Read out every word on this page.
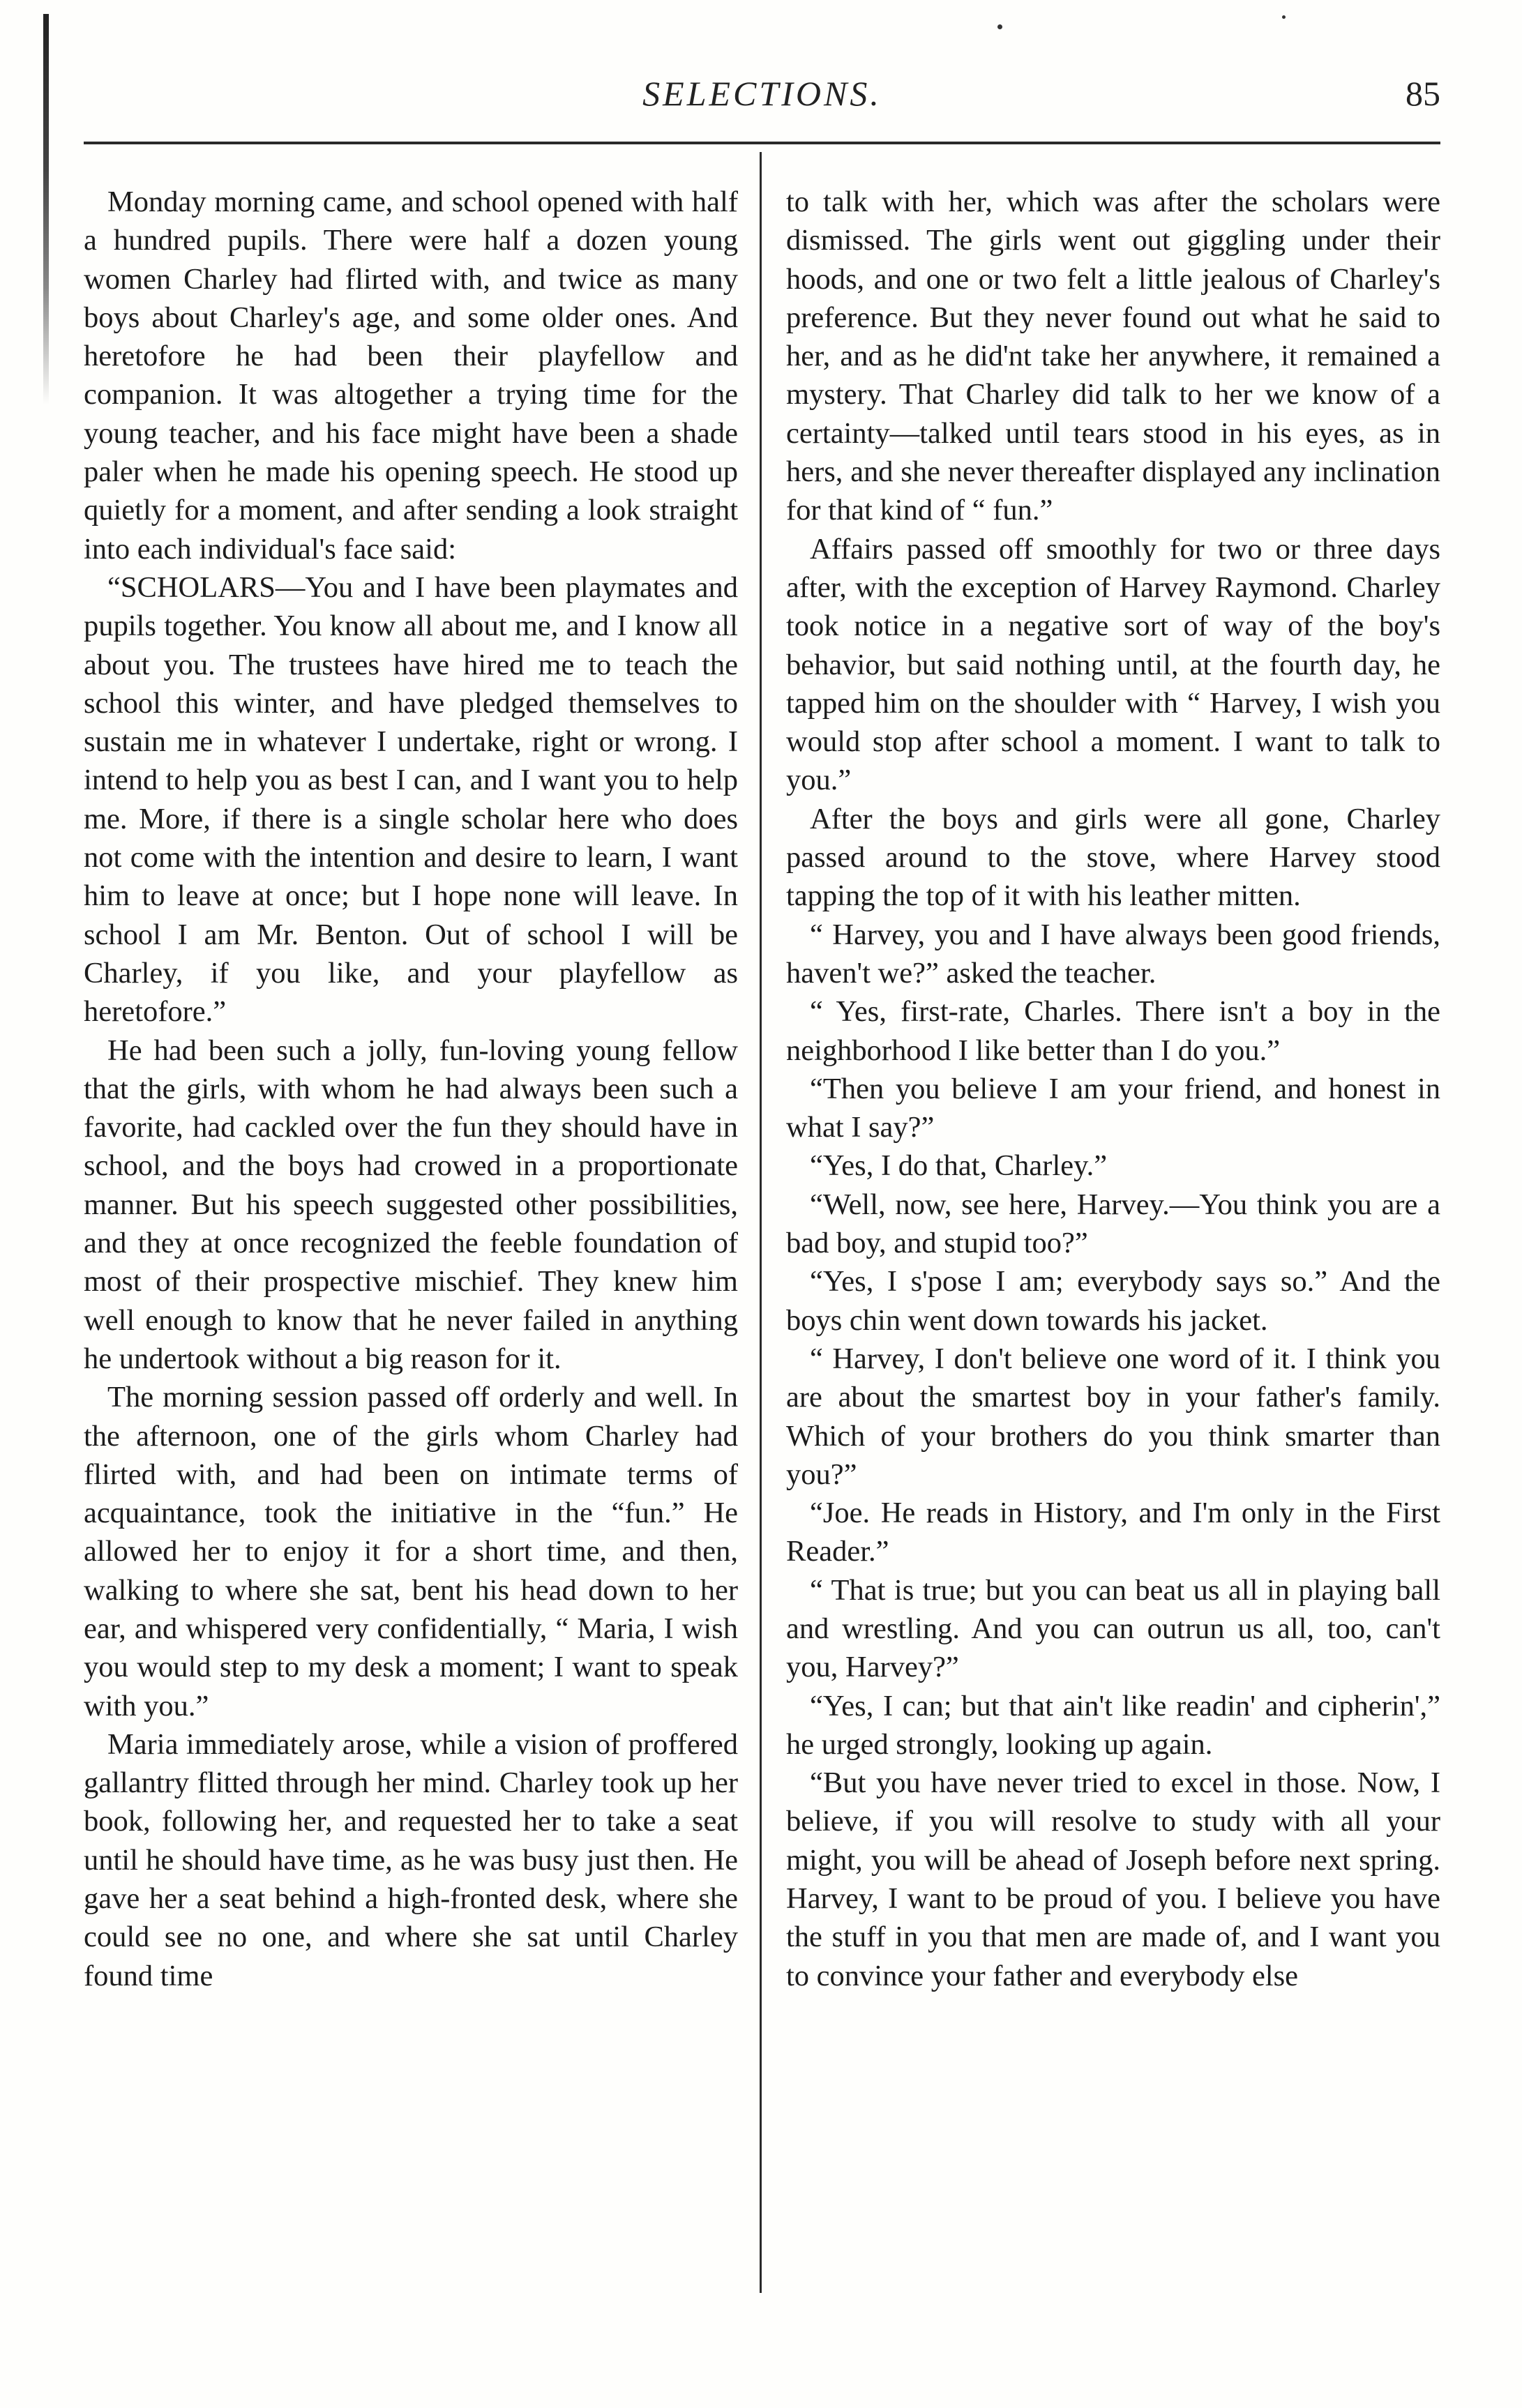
SELECTIONS.	85

Monday morning came, and school opened with half a hundred pupils. There were half a dozen young women Charley had flirted with, and twice as many boys about Charley's age, and some older ones. And heretofore he had been their playfellow and companion. It was altogether a trying time for the young teacher, and his face might have been a shade paler when he made his opening speech. He stood up quietly for a moment, and after sending a look straight into each individual's face said:

“SCHOLARS—You and I have been playmates and pupils together. You know all about me, and I know all about you. The trustees have hired me to teach the school this winter, and have pledged themselves to sustain me in whatever I undertake, right or wrong. I intend to help you as best I can, and I want you to help me. More, if there is a single scholar here who does not come with the intention and desire to learn, I want him to leave at once; but I hope none will leave. In school I am Mr. Benton. Out of school I will be Charley, if you like, and your playfellow as heretofore.”

He had been such a jolly, fun-loving young fellow that the girls, with whom he had always been such a favorite, had cackled over the fun they should have in school, and the boys had crowed in a proportionate manner. But his speech suggested other possibilities, and they at once recognized the feeble foundation of most of their prospective mischief. They knew him well enough to know that he never failed in anything he undertook without a big reason for it.

The morning session passed off orderly and well. In the afternoon, one of the girls whom Charley had flirted with, and had been on intimate terms of acquaintance, took the initiative in the “fun.” He allowed her to enjoy it for a short time, and then, walking to where she sat, bent his head down to her ear, and whispered very confidentially, “ Maria, I wish you would step to my desk a moment; I want to speak with you.”

Maria immediately arose, while a vision of proffered gallantry flitted through her mind. Charley took up her book, following her, and requested her to take a seat until he should have time, as he was busy just then. He gave her a seat behind a high-fronted desk, where she could see no one, and where she sat until Charley found time

to talk with her, which was after the scholars were dismissed. The girls went out giggling under their hoods, and one or two felt a little jealous of Charley's preference. But they never found out what he said to her, and as he did'nt take her anywhere, it remained a mystery. That Charley did talk to her we know of a certainty—talked until tears stood in his eyes, as in hers, and she never thereafter displayed any inclination for that kind of “ fun.”

Affairs passed off smoothly for two or three days after, with the exception of Harvey Raymond. Charley took notice in a negative sort of way of the boy's behavior, but said nothing until, at the fourth day, he tapped him on the shoulder with “ Harvey, I wish you would stop after school a moment. I want to talk to you.”

After the boys and girls were all gone, Charley passed around to the stove, where Harvey stood tapping the top of it with his leather mitten.

“ Harvey, you and I have always been good friends, haven't we?” asked the teacher.

“ Yes, first-rate, Charles. There isn't a boy in the neighborhood I like better than I do you.”

“Then you believe I am your friend, and honest in what I say?”

“Yes, I do that, Charley.”

“Well, now, see here, Harvey.—You think you are a bad boy, and stupid too?”

“Yes, I s'pose I am; everybody says so.” And the boys chin went down towards his jacket.

“ Harvey, I don't believe one word of it. I think you are about the smartest boy in your father's family. Which of your brothers do you think smarter than you?”

“Joe. He reads in History, and I'm only in the First Reader.”

“ That is true; but you can beat us all in playing ball and wrestling. And you can outrun us all, too, can't you, Harvey?”

“Yes, I can; but that ain't like readin' and cipherin',” he urged strongly, looking up again.

“But you have never tried to excel in those. Now, I believe, if you will resolve to study with all your might, you will be ahead of Joseph before next spring. Harvey, I want to be proud of you. I believe you have the stuff in you that men are made of, and I want you to convince your father and everybody else
